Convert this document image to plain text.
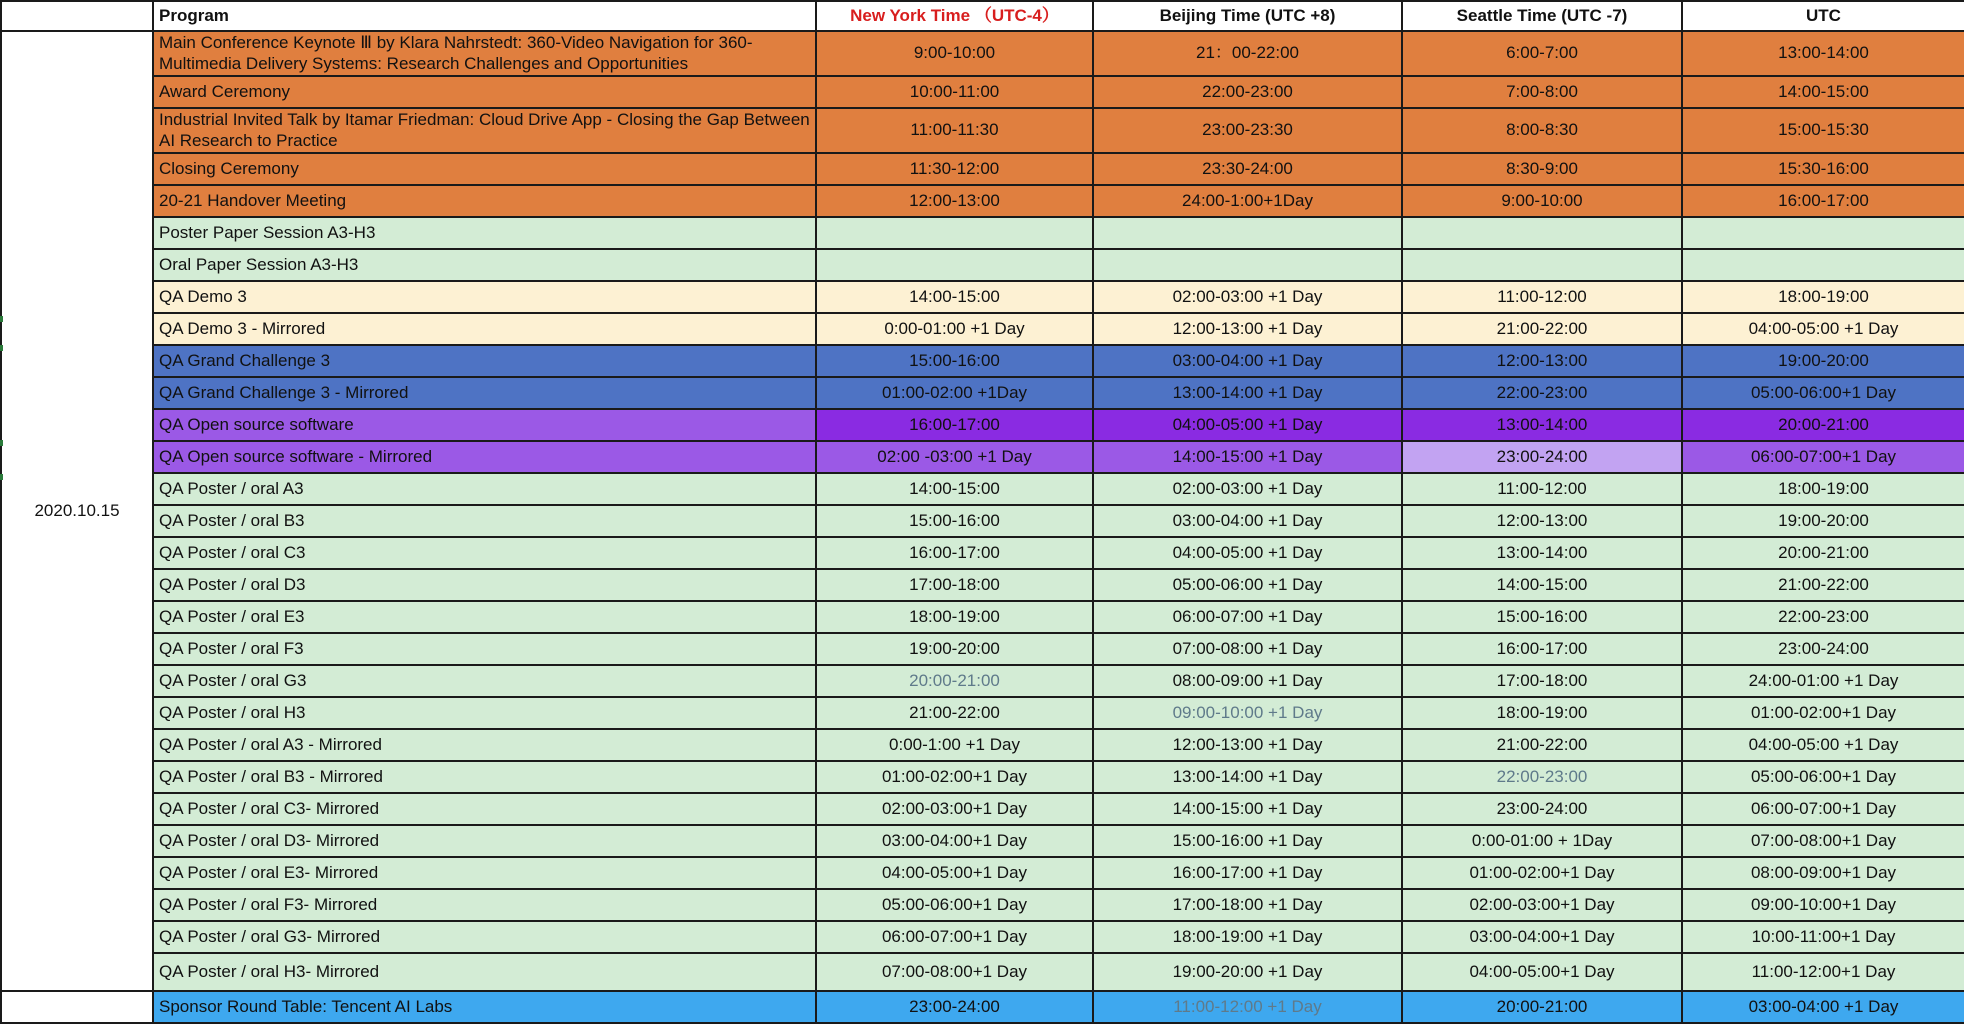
	Program	New York Time （UTC-4）	Beijing Time (UTC +8)	Seattle Time (UTC -7)	UTC
2020.10.15	Main Conference Keynote Ⅲ by Klara Nahrstedt: 360-Video Navigation for 360-Multimedia Delivery Systems: Research Challenges and Opportunities	9:00-10:00	21：00-22:00	6:00-7:00	13:00-14:00
	Award Ceremony	10:00-11:00	22:00-23:00	7:00-8:00	14:00-15:00
	Industrial Invited Talk by Itamar Friedman: Cloud Drive App - Closing the Gap Between AI Research to Practice	11:00-11:30	23:00-23:30	8:00-8:30	15:00-15:30
	Closing Ceremony	11:30-12:00	23:30-24:00	8:30-9:00	15:30-16:00
	20-21 Handover Meeting	12:00-13:00	24:00-1:00+1Day	9:00-10:00	16:00-17:00
	Poster Paper Session A3-H3				
	Oral Paper Session A3-H3				
	QA Demo 3	14:00-15:00	02:00-03:00 +1 Day	11:00-12:00	18:00-19:00
	QA Demo 3 - Mirrored	0:00-01:00 +1 Day	12:00-13:00 +1 Day	21:00-22:00	04:00-05:00 +1 Day
	QA Grand Challenge 3	15:00-16:00	03:00-04:00 +1 Day	12:00-13:00	19:00-20:00
	QA Grand Challenge 3 - Mirrored	01:00-02:00 +1Day	13:00-14:00 +1 Day	22:00-23:00	05:00-06:00+1 Day
	QA Open source software	16:00-17:00	04:00-05:00 +1 Day	13:00-14:00	20:00-21:00
	QA Open source software - Mirrored	02:00 -03:00 +1 Day	14:00-15:00 +1 Day	23:00-24:00	06:00-07:00+1 Day
	QA Poster / oral A3	14:00-15:00	02:00-03:00 +1 Day	11:00-12:00	18:00-19:00
	QA Poster / oral B3	15:00-16:00	03:00-04:00 +1 Day	12:00-13:00	19:00-20:00
	QA Poster / oral C3	16:00-17:00	04:00-05:00 +1 Day	13:00-14:00	20:00-21:00
	QA Poster / oral D3	17:00-18:00	05:00-06:00 +1 Day	14:00-15:00	21:00-22:00
	QA Poster / oral E3	18:00-19:00	06:00-07:00 +1 Day	15:00-16:00	22:00-23:00
	QA Poster / oral F3	19:00-20:00	07:00-08:00 +1 Day	16:00-17:00	23:00-24:00
	QA Poster / oral G3	20:00-21:00	08:00-09:00 +1 Day	17:00-18:00	24:00-01:00 +1 Day
	QA Poster / oral H3	21:00-22:00	09:00-10:00 +1 Day	18:00-19:00	01:00-02:00+1 Day
	QA Poster / oral A3 - Mirrored	0:00-1:00 +1 Day	12:00-13:00 +1 Day	21:00-22:00	04:00-05:00 +1 Day
	QA Poster / oral B3 - Mirrored	01:00-02:00+1 Day	13:00-14:00 +1 Day	22:00-23:00	05:00-06:00+1 Day
	QA Poster / oral C3- Mirrored	02:00-03:00+1 Day	14:00-15:00 +1 Day	23:00-24:00	06:00-07:00+1 Day
	QA Poster / oral D3- Mirrored	03:00-04:00+1 Day	15:00-16:00 +1 Day	0:00-01:00 + 1Day	07:00-08:00+1 Day
	QA Poster / oral E3- Mirrored	04:00-05:00+1 Day	16:00-17:00 +1 Day	01:00-02:00+1 Day	08:00-09:00+1 Day
	QA Poster / oral F3- Mirrored	05:00-06:00+1 Day	17:00-18:00 +1 Day	02:00-03:00+1 Day	09:00-10:00+1 Day
	QA Poster / oral G3- Mirrored	06:00-07:00+1 Day	18:00-19:00 +1 Day	03:00-04:00+1 Day	10:00-11:00+1 Day
	QA Poster / oral H3- Mirrored	07:00-08:00+1 Day	19:00-20:00 +1 Day	04:00-05:00+1 Day	11:00-12:00+1 Day
	Sponsor Round Table: Tencent AI Labs	23:00-24:00	11:00-12:00 +1 Day	20:00-21:00	03:00-04:00 +1 Day
